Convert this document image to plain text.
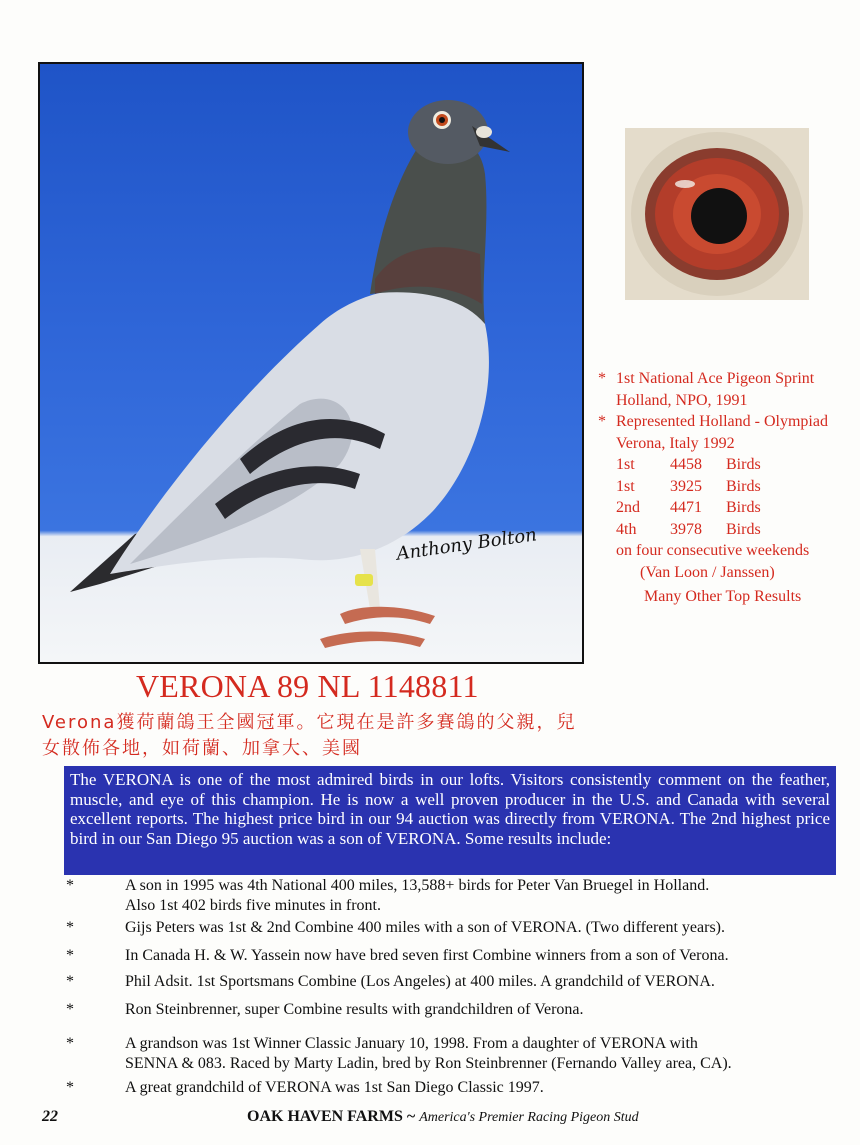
Anthony Bolton
* 1st National Ace Pigeon Sprint
Holland, NPO, 1991
* Represented Holland - Olympiad
Verona, Italy 1992
1st	4458	Birds
1st	3925	Birds
2nd	4471	Birds
4th	3978	Birds
on four consecutive weekends
(Van Loon / Janssen)
Many Other Top Results
VERONA 89 NL 1148811
Verona獲荷蘭鴿王全國冠軍。它現在是許多賽鴿的父親，兒
女散佈各地，如荷蘭、加拿大、美國
The VERONA is one of the most admired birds in our lofts. Visitors consistently comment on the feather, muscle, and eye of this champion. He is now a well proven producer in the U.S. and Canada with several excellent reports. The highest price bird in our 94 auction was directly from VERONA. The 2nd highest price bird in our San Diego 95 auction was a son of VERONA. Some results include:
*	A son in 1995 was 4th National 400 miles, 13,588+ birds for Peter Van Bruegel in Holland.
Also 1st 402 birds five minutes in front.
*	Gijs Peters was 1st & 2nd Combine 400 miles with a son of VERONA. (Two different years).
*	In Canada H. & W. Yassein now have bred seven first Combine winners from a son of Verona.
*	Phil Adsit. 1st Sportsmans Combine (Los Angeles) at 400 miles. A grandchild of VERONA.
*	Ron Steinbrenner, super Combine results with grandchildren of Verona.
*	A grandson was 1st Winner Classic January 10, 1998. From a daughter of VERONA with
SENNA & 083. Raced by Marty Ladin, bred by Ron Steinbrenner (Fernando Valley area, CA).
*	A great grandchild of VERONA was 1st San Diego Classic 1997.
22	OAK HAVEN FARMS ~ America's Premier Racing Pigeon Stud
